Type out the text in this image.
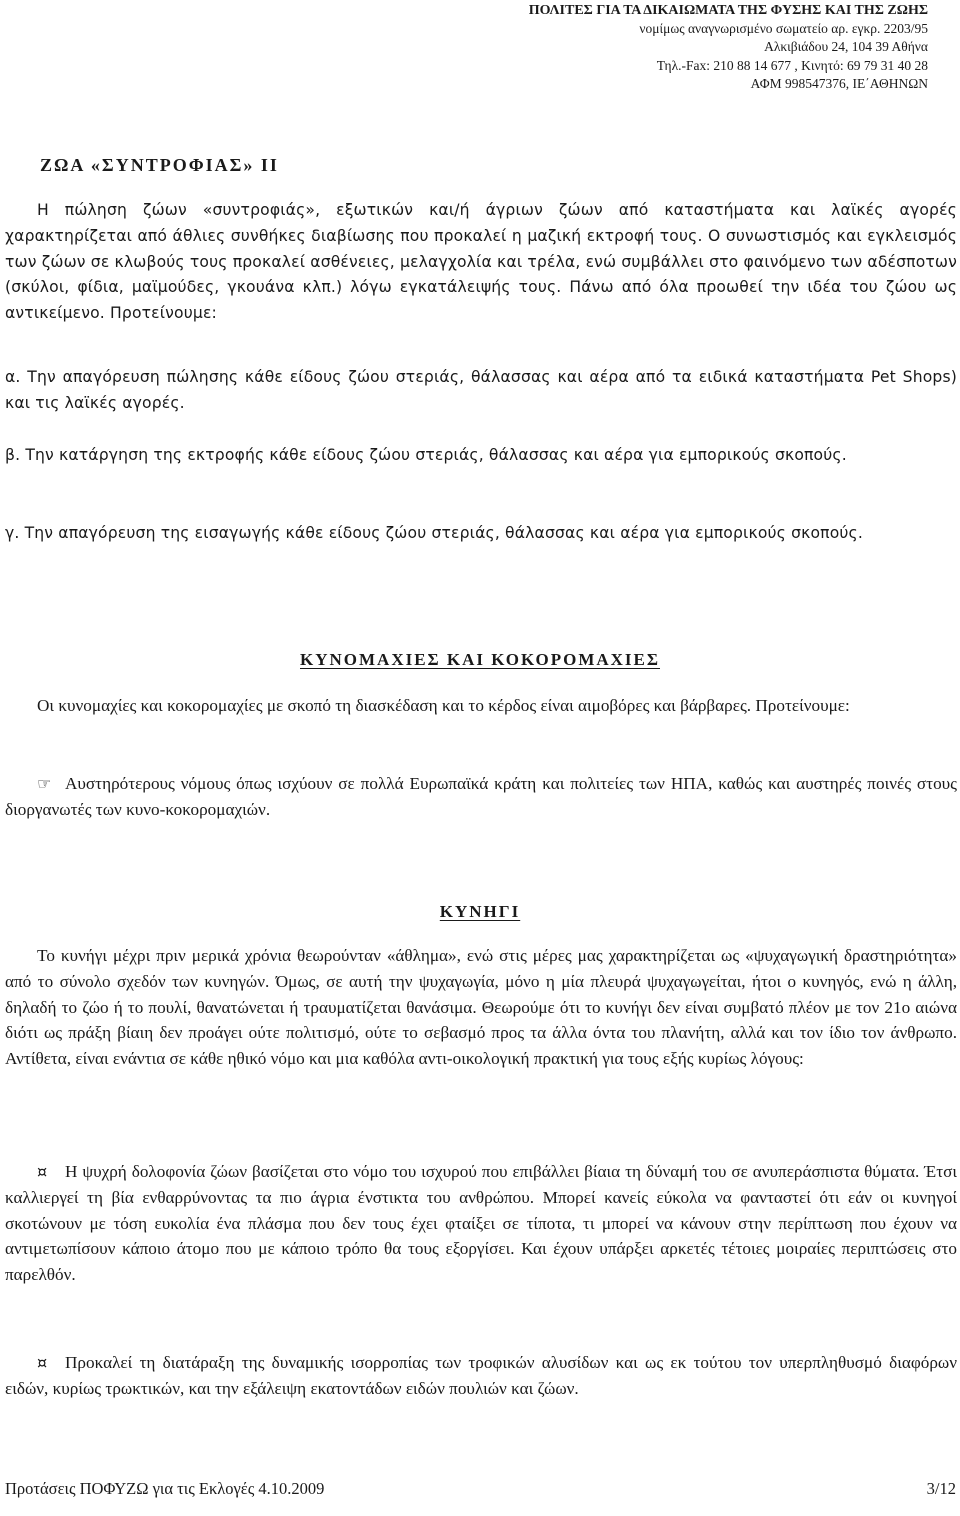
ΠΟΛΙΤΕΣ ΓΙΑ ΤΑ ΔΙΚΑΙΩΜΑΤΑ ΤΗΣ ΦΥΣΗΣ ΚΑΙ ΤΗΣ ΖΩΗΣ
νομίμως αναγνωρισμένο σωματείο αρ. εγκρ. 2203/95
Αλκιβιάδου 24, 104 39 Αθήνα
Τηλ.-Fax: 210 88 14 677 , Κινητό: 69 79 31 40 28
ΑΦΜ 998547376, ΙΕ΄ΑΘΗΝΩΝ
ΖΩΑ «ΣΥΝΤΡΟΦΙΑΣ» ΙΙ
Η πώληση ζώων «συντροφιάς», εξωτικών και/ή άγριων ζώων από καταστήματα και λαϊκές αγορές χαρακτηρίζεται από άθλιες συνθήκες διαβίωσης που προκαλεί η μαζική εκτροφή τους. Ο συνωστισμός και εγκλεισμός των ζώων σε κλωβούς τους προκαλεί ασθένειες, μελαγχολία και τρέλα, ενώ συμβάλλει στο φαινόμενο των αδέσποτων (σκύλοι, φίδια, μαϊμούδες, γκουάνα κλπ.) λόγω εγκατάλειψής τους. Πάνω από όλα προωθεί την ιδέα του ζώου ως αντικείμενο. Προτείνουμε:
α. Την απαγόρευση πώλησης κάθε είδους ζώου στεριάς, θάλασσας και αέρα από τα ειδικά καταστήματα Pet Shops) και τις λαϊκές αγορές.
β. Την κατάργηση της εκτροφής κάθε είδους ζώου στεριάς, θάλασσας και αέρα για εμπορικούς σκοπούς.
γ. Την απαγόρευση της εισαγωγής κάθε είδους ζώου στεριάς, θάλασσας και αέρα για εμπορικούς σκοπούς.
ΚΥΝΟΜΑΧΙΕΣ ΚΑΙ ΚΟΚΟΡΟΜΑΧΙΕΣ
Οι κυνομαχίες και κοκορομαχίες με σκοπό τη διασκέδαση και το κέρδος είναι αιμοβόρες και βάρβαρες. Προτείνουμε:
☞ Αυστηρότερους νόμους όπως ισχύουν σε πολλά Ευρωπαϊκά κράτη και πολιτείες των ΗΠΑ, καθώς και αυστηρές ποινές στους διοργανωτές των κυνο-κοκορομαχιών.
ΚΥΝΗΓΙ
Το κυνήγι μέχρι πριν μερικά χρόνια θεωρούνταν «άθλημα», ενώ στις μέρες μας χαρακτηρίζεται ως «ψυχαγωγική δραστηριότητα» από το σύνολο σχεδόν των κυνηγών. Όμως, σε αυτή την ψυχαγωγία, μόνο η μία πλευρά ψυχαγωγείται, ήτοι ο κυνηγός, ενώ η άλλη, δηλαδή το ζώο ή το πουλί, θανατώνεται ή τραυματίζεται θανάσιμα. Θεωρούμε ότι το κυνήγι δεν είναι συμβατό πλέον με τον 21ο αιώνα διότι ως πράξη βίαιη δεν προάγει ούτε πολιτισμό, ούτε το σεβασμό προς τα άλλα όντα του πλανήτη, αλλά και τον ίδιο τον άνθρωπο. Αντίθετα, είναι ενάντια σε κάθε ηθικό νόμο και μια καθόλα αντι-οικολογική πρακτική για τους εξής κυρίως λόγους:
¤ Η ψυχρή δολοφονία ζώων βασίζεται στο νόμο του ισχυρού που επιβάλλει βίαια τη δύναμή του σε ανυπεράσπιστα θύματα. Έτσι καλλιεργεί τη βία ενθαρρύνοντας τα πιο άγρια ένστικτα του ανθρώπου. Μπορεί κανείς εύκολα να φανταστεί ότι εάν οι κυνηγοί σκοτώνουν με τόση ευκολία ένα πλάσμα που δεν τους έχει φταίξει σε τίποτα, τι μπορεί να κάνουν στην περίπτωση που έχουν να αντιμετωπίσουν κάποιο άτομο που με κάποιο τρόπο θα τους εξοργίσει. Και έχουν υπάρξει αρκετές τέτοιες μοιραίες περιπτώσεις στο παρελθόν.
¤ Προκαλεί τη διατάραξη της δυναμικής ισορροπίας των τροφικών αλυσίδων και ως εκ τούτου τον υπερπληθυσμό διαφόρων ειδών, κυρίως τρωκτικών, και την εξάλειψη εκατοντάδων ειδών πουλιών και ζώων.
Προτάσεις ΠΟΦΥΖΩ για τις Εκλογές 4.10.2009	3/12
